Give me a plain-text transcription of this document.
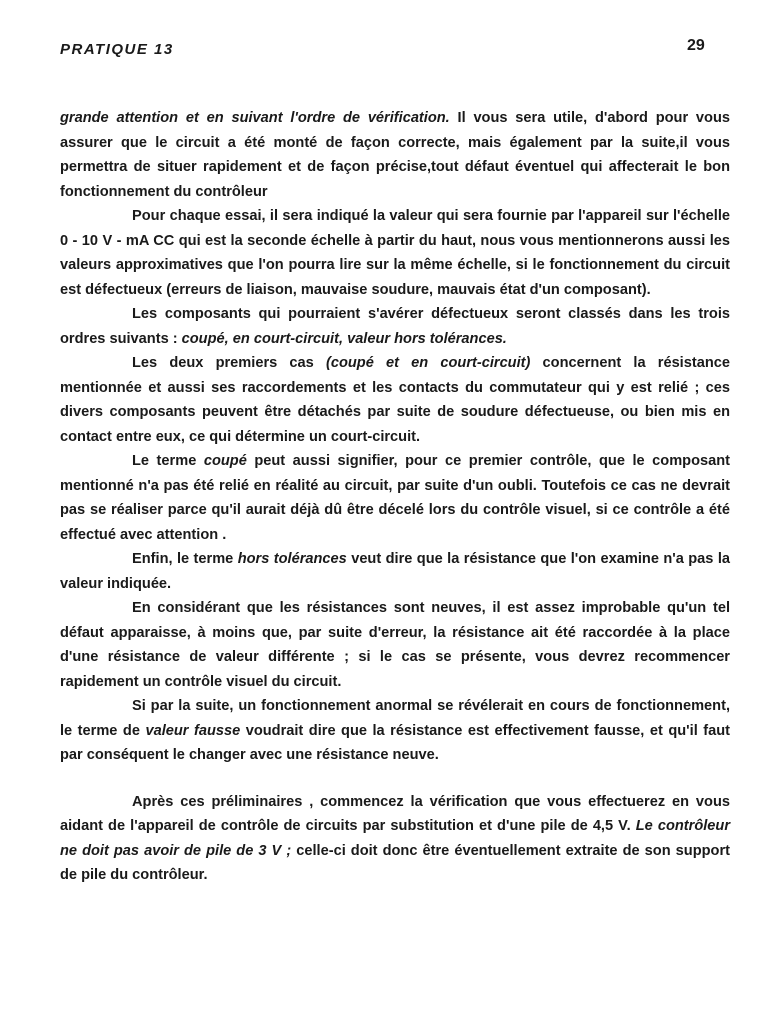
PRATIQUE 13	29

grande attention et en suivant l'ordre de vérification. Il vous sera utile, d'abord pour vous assurer que le circuit a été monté de façon correcte, mais également par la suite,il vous permettra de situer rapidement et de façon précise,tout défaut éventuel qui affecterait le bon fonctionnement du contrôleur

Pour chaque essai, il sera indiqué la valeur qui sera fournie par l'appareil sur l'échelle 0 - 10 V - mA CC qui est la seconde échelle à partir du haut, nous vous mentionnerons aussi les valeurs approximatives que l'on pourra lire sur la même échelle, si le fonctionnement du circuit est défectueux (erreurs de liaison, mauvaise soudure, mauvais état d'un composant).

Les composants qui pourraient s'avérer défectueux seront classés dans les trois ordres suivants : coupé, en court-circuit, valeur hors tolérances.

Les deux premiers cas (coupé et en court-circuit) concernent la résistance mentionnée et aussi ses raccordements et les contacts du commutateur qui y est relié ; ces divers composants peuvent être détachés par suite de soudure défectueuse, ou bien mis en contact entre eux, ce qui détermine un court-circuit.

Le terme coupé peut aussi signifier, pour ce premier contrôle, que le composant mentionné n'a pas été relié en réalité au circuit, par suite d'un oubli. Toutefois ce cas ne devrait pas se réaliser parce qu'il aurait déjà dû être décelé lors du contrôle visuel, si ce contrôle a été effectué avec attention .

Enfin, le terme hors tolérances veut dire que la résistance que l'on examine n'a pas la valeur indiquée.

En considérant que les résistances sont neuves, il est assez improbable qu'un tel défaut apparaisse, à moins que, par suite d'erreur, la résistance ait été raccordée à la place d'une résistance de valeur différente ; si le cas se présente, vous devrez recommencer rapidement un contrôle visuel du circuit.

Si par la suite, un fonctionnement anormal se révélerait en cours de fonctionnement, le terme de valeur fausse voudrait dire que la résistance est effectivement fausse, et qu'il faut par conséquent le changer avec une résistance neuve.

Après ces préliminaires , commencez la vérification que vous effectuerez en vous aidant de l'appareil de contrôle de circuits par substitution et d'une pile de 4,5 V. Le contrôleur ne doit pas avoir de pile de 3 V ; celle-ci doit donc être éventuellement extraite de son support de pile du contrôleur.
